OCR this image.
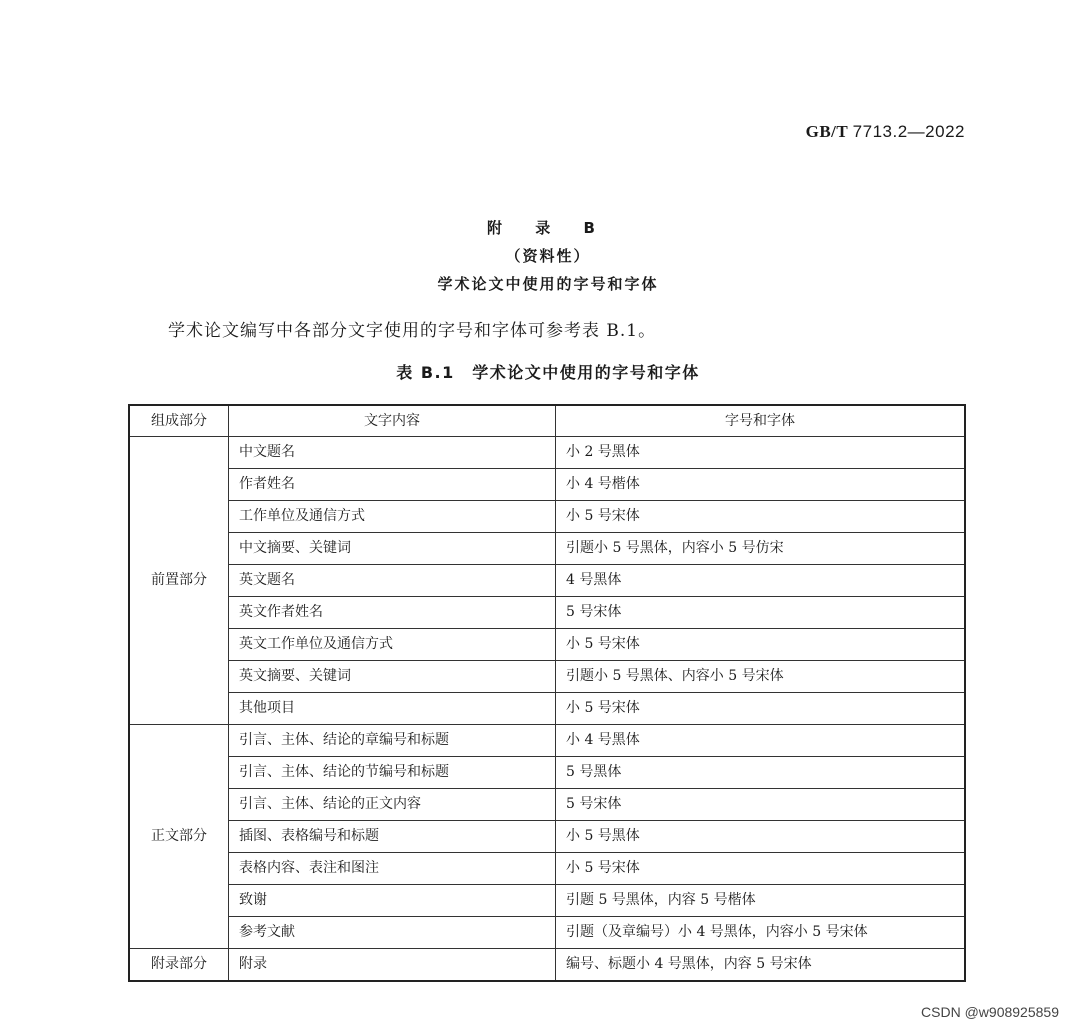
GB/T 7713.2—2022
附 录 B
（资料性）
学术论文中使用的字号和字体
学术论文编写中各部分文字使用的字号和字体可参考表 B.1。
表 B.1　学术论文中使用的字号和字体
组成部分	文字内容	字号和字体
前置部分	中文题名	小 2 号黑体
	作者姓名	小 4 号楷体
	工作单位及通信方式	小 5 号宋体
	中文摘要、关键词	引题小 5 号黑体，内容小 5 号仿宋
	英文题名	4 号黑体
	英文作者姓名	5 号宋体
	英文工作单位及通信方式	小 5 号宋体
	英文摘要、关键词	引题小 5 号黑体、内容小 5 号宋体
	其他项目	小 5 号宋体
正文部分	引言、主体、结论的章编号和标题	小 4 号黑体
	引言、主体、结论的节编号和标题	5 号黑体
	引言、主体、结论的正文内容	5 号宋体
	插图、表格编号和标题	小 5 号黑体
	表格内容、表注和图注	小 5 号宋体
	致谢	引题 5 号黑体，内容 5 号楷体
	参考文献	引题（及章编号）小 4 号黑体，内容小 5 号宋体
附录部分	附录	编号、标题小 4 号黑体，内容 5 号宋体
CSDN @w908925859
